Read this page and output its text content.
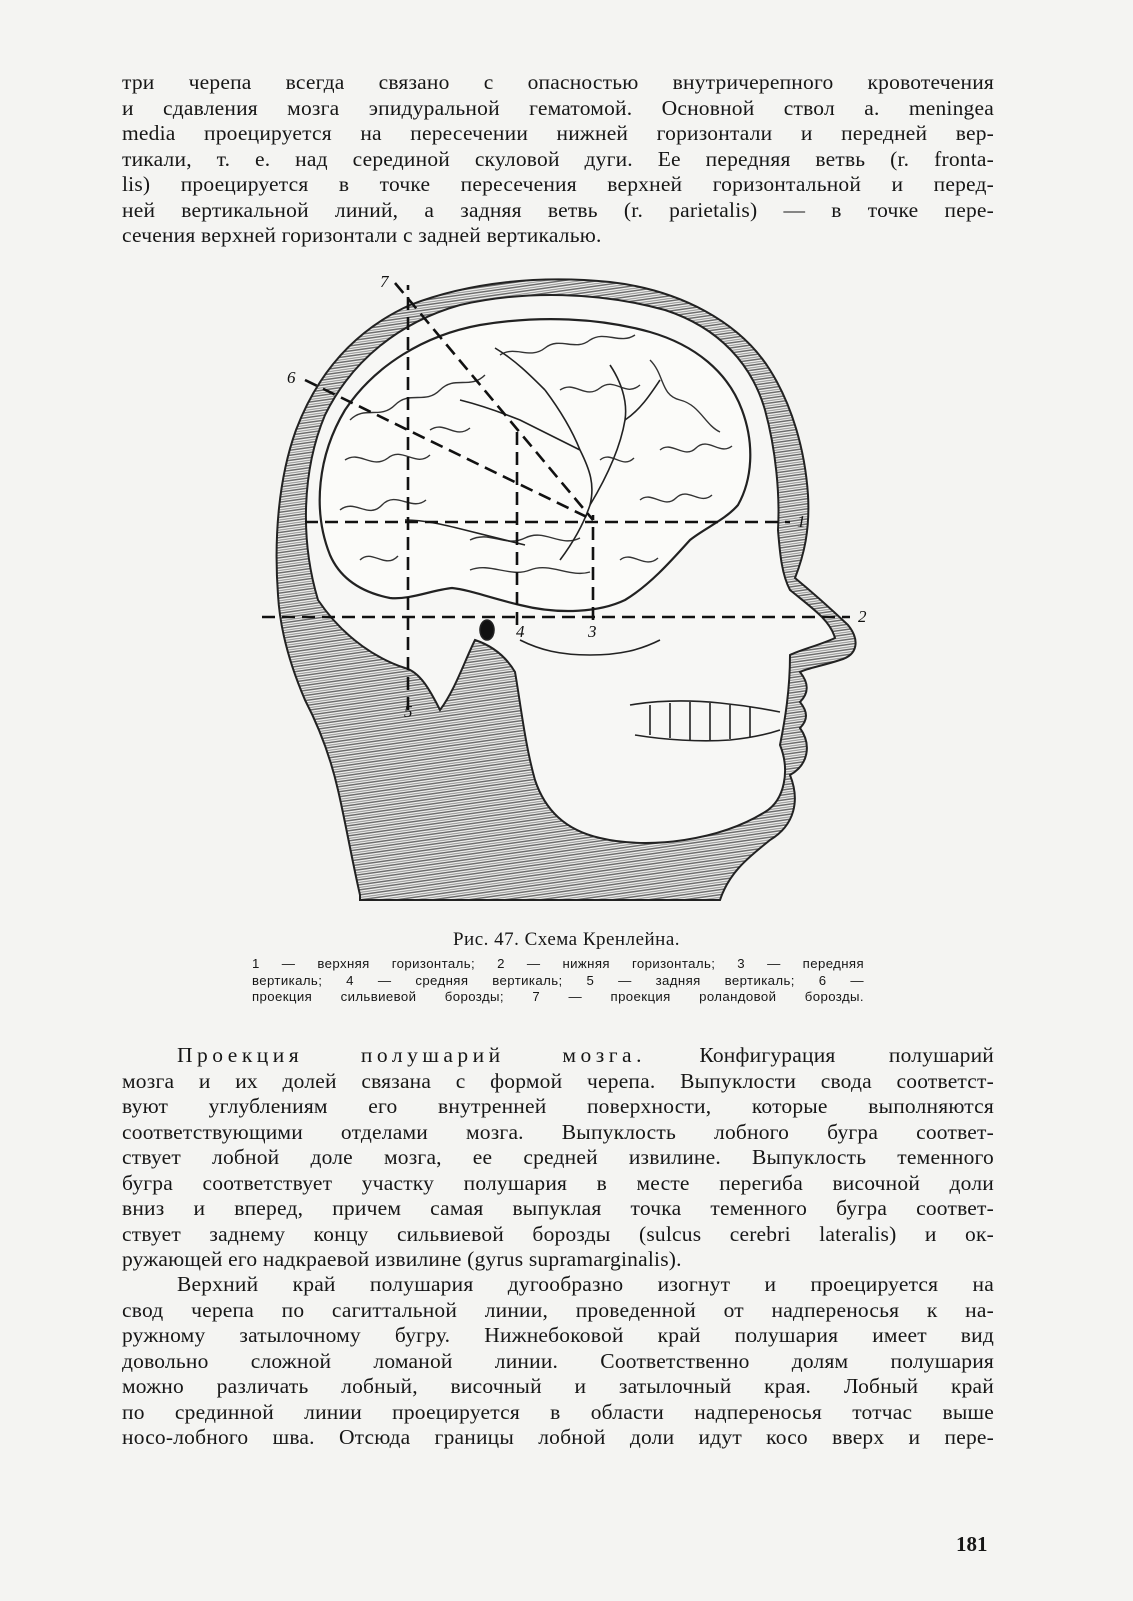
три черепа всегда связано с опасностью внутричерепного кровотечения
и сдавления мозга эпидуральной гематомой. Основной ствол a. meningea
media проецируется на пересечении нижней горизонтали и передней вер-
тикали, т. е. над серединой скуловой дуги. Ее передняя ветвь (r. fronta-
lis) проецируется в точке пересечения верхней горизонтальной и перед-
ней вертикальной линий, а задняя ветвь (r. parietalis) — в точке пере-
сечения верхней горизонтали с задней вертикалью.
1
2
3
4
5
6
7
Рис. 47. Схема Кренлейна.
1 — верхняя горизонталь; 2 — нижняя горизонталь; 3 — передняя
вертикаль; 4 — средняя вертикаль; 5 — задняя вертикаль; 6 —
проекция сильвиевой борозды; 7 — проекция роландовой борозды.
Проекция полушарий мозга. Конфигурация полушарий
мозга и их долей связана с формой черепа. Выпуклости свода соответст-
вуют углублениям его внутренней поверхности, которые выполняются
соответствующими отделами мозга. Выпуклость лобного бугра соответ-
ствует лобной доле мозга, ее средней извилине. Выпуклость теменного
бугра соответствует участку полушария в месте перегиба височной доли
вниз и вперед, причем самая выпуклая точка теменного бугра соответ-
ствует заднему концу сильвиевой борозды (sulcus cerebri lateralis) и ок-
ружающей его надкраевой извилине (gyrus supramarginalis).
Верхний край полушария дугообразно изогнут и проецируется на
свод черепа по сагиттальной линии, проведенной от надпереносья к на-
ружному затылочному бугру. Нижнебоковой край полушария имеет вид
довольно сложной ломаной линии. Соответственно долям полушария
можно различать лобный, височный и затылочный края. Лобный край
по срединной линии проецируется в области надпереносья тотчас выше
носо-лобного шва. Отсюда границы лобной доли идут косо вверх и пере-
181
